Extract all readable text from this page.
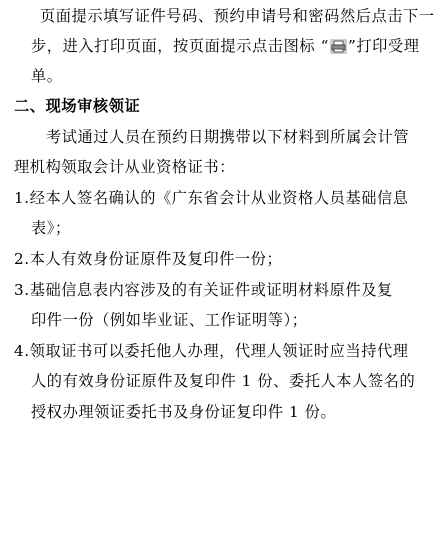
页面提示填写证件号码、预约申请号和密码然后点击下一
步，进入打印页面，按页面提示点击图标 “ ”打印受理
单。
二、现场审核领证
考试通过人员在预约日期携带以下材料到所属会计管
理机构领取会计从业资格证书：
1.经本人签名确认的《广东省会计从业资格人员基础信息
表》；
2.本人有效身份证原件及复印件一份；
3.基础信息表内容涉及的有关证件或证明材料原件及复
印件一份（例如毕业证、工作证明等）；
4.领取证书可以委托他人办理，代理人领证时应当持代理
人的有效身份证原件及复印件 1 份、委托人本人签名的
授权办理领证委托书及身份证复印件 1 份。
